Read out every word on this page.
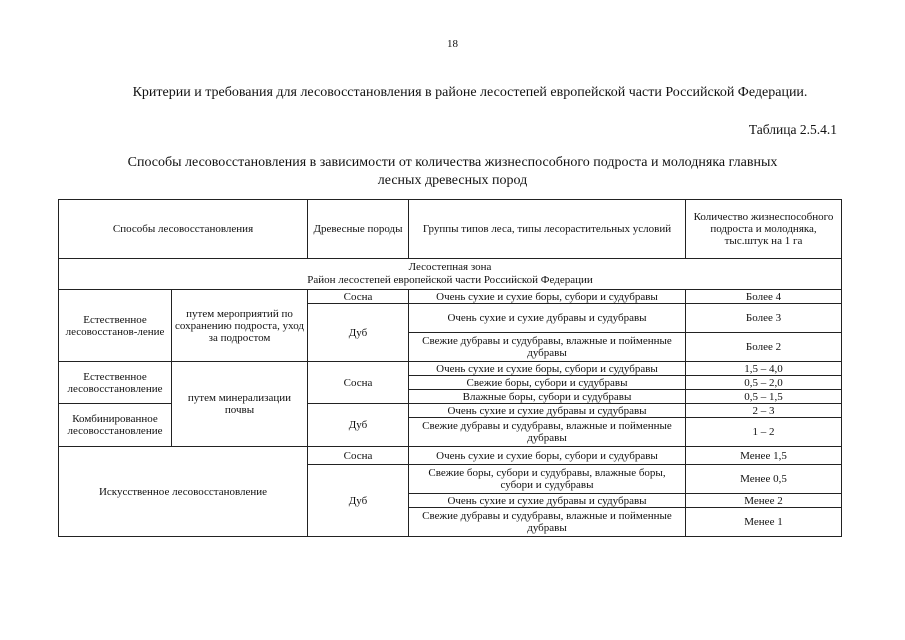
18
Критерии и требования для лесовосстановления в районе лесостепей европейской части Российской Федерации.
Таблица 2.5.4.1
Способы лесовосстановления в зависимости от количества жизнеспособного подроста и молодняка главных
лесных древесных пород
Способы лесовосстановления		Древесные породы	Группы типов леса, типы лесорастительных условий	Количество жизнеспособного подроста и молодняка, тыс.штук на 1 га

Лесостепная зона
Район лесостепей европейской части Российской Федерации				

Естественное лесовосстанов-ление	путем мероприятий по сохранению подроста, уход за подростом	Сосна	Очень сухие и сухие боры, субори и судубравы	Более 4
		Дуб	Очень сухие и сухие дубравы и судубравы	Более 3
			Свежие дубравы и судубравы, влажные и пойменные дубравы	Более 2
Естественное лесовосстановление	путем минерализации почвы	Сосна	Очень сухие и сухие боры, субори и судубравы	1,5 – 4,0
			Свежие боры, субори и судубравы	0,5 – 2,0
			Влажные боры, субори и судубравы	0,5 – 1,5
Комбинированное лесовосстановление		Дуб	Очень сухие и сухие дубравы и судубравы	2 – 3
			Свежие дубравы и судубравы, влажные и пойменные дубравы	1 – 2
Искусственное лесовосстановление		Сосна	Очень сухие и сухие боры, субори и судубравы	Менее 1,5
		Дуб	Свежие боры, субори и судубравы, влажные боры, субори и судубравы	Менее 0,5
			Очень сухие и сухие дубравы и судубравы	Менее 2
			Свежие дубравы и судубравы, влажные и пойменные дубравы	Менее 1
